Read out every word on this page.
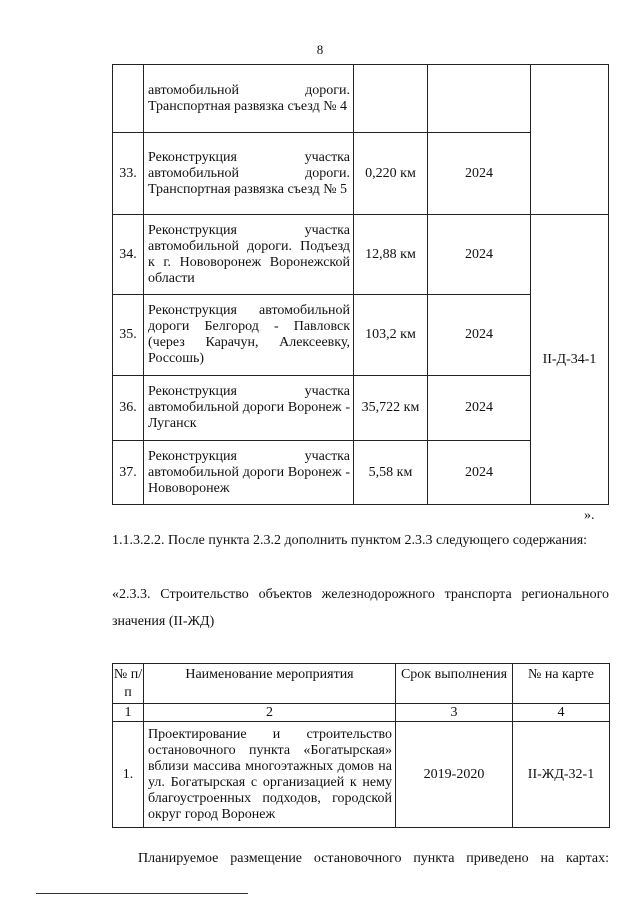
8
	автомобильной дороги. Транспортная развязка съезд № 4			
33.	Реконструкция участка автомобильной дороги. Транспортная развязка съезд № 5	0,220 км	2024	
34.	Реконструкция участка автомобильной дороги. Подъезд к г. Нововоронеж Воронежской области	12,88 км	2024	II-Д-34-1
35.	Реконструкция автомобильной дороги Белгород - Павловск (через Карачун, Алексеевку, Россошь)	103,2 км	2024	
36.	Реконструкция участка автомобильной дороги Воронеж - Луганск	35,722 км	2024	
37.	Реконструкция участка автомобильной дороги Воронеж - Нововоронеж	5,58 км	2024	
».
1.1.3.2.2. После пункта 2.3.2 дополнить пунктом 2.3.3 следующего содержания:
«2.3.3. Строительство объектов железнодорожного транспорта регионального значения (II-ЖД)
№ п/п	Наименование мероприятия	Срок выполнения	№ на карте
1	2	3	4
1.	Проектирование и строительство остановочного пункта «Богатырская» вблизи массива многоэтажных домов на ул. Богатырская с организацией к нему благоустроенных подходов, городской округ город Воронеж	2019-2020	II-ЖД-32-1
Планируемое размещение остановочного пункта приведено на картах:
